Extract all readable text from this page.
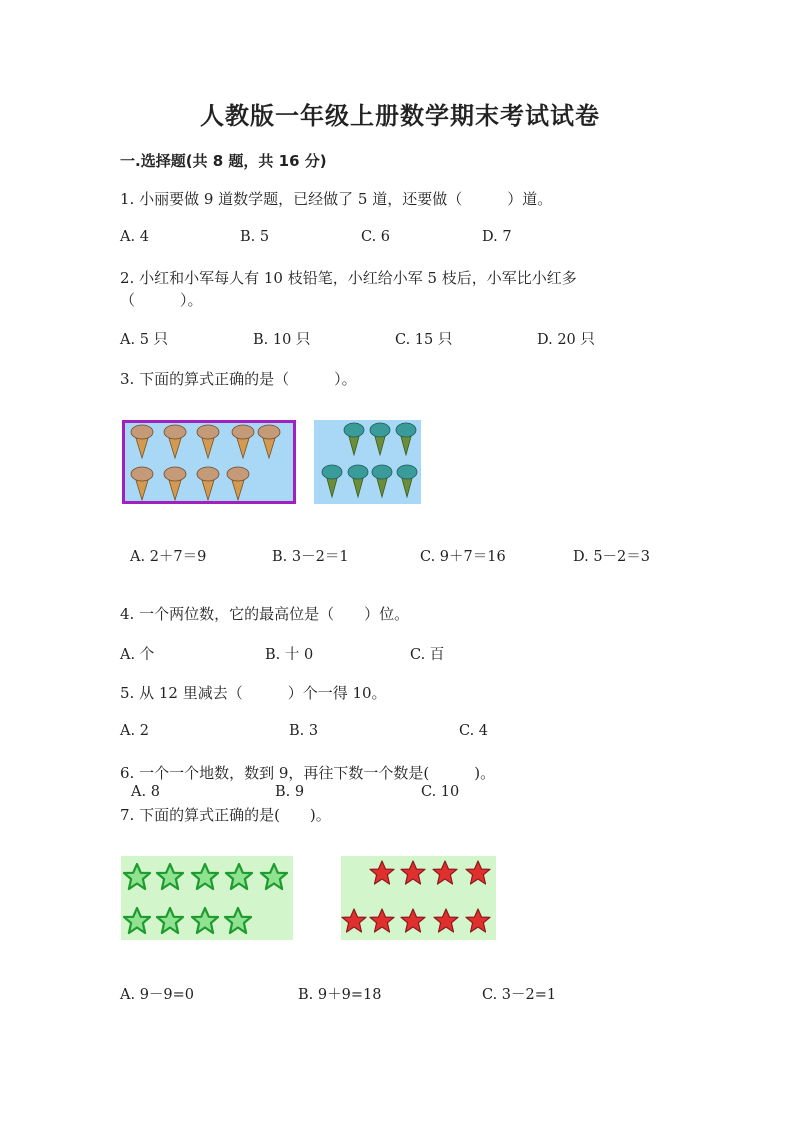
人教版一年级上册数学期末考试试卷
一.选择题(共 8 题，共 16 分)
1. 小丽要做 9 道数学题，已经做了 5 道，还要做（　　　）道。
A. 4	B. 5	C. 6	D. 7
2. 小红和小军每人有 10 枝铅笔，小红给小军 5 枝后，小军比小红多
（　　　）。
A. 5 只	B. 10 只	C. 15 只	D. 20 只
3. 下面的算式正确的是（　　　）。
A. 2＋7＝9	B. 3－2＝1	C. 9＋7＝16	D. 5－2＝3
4. 一个两位数，它的最高位是（　　）位。
A. 个	B. 十 0	C. 百
5. 从 12 里减去（　　　）个一得 10。
A. 2	B. 3	C. 4
6. 一个一个地数，数到 9，再往下数一个数是(　　　)。
A. 8	B. 9	C. 10
7. 下面的算式正确的是(　　)。
A. 9－9=0	B. 9＋9=18	C. 3－2=1
